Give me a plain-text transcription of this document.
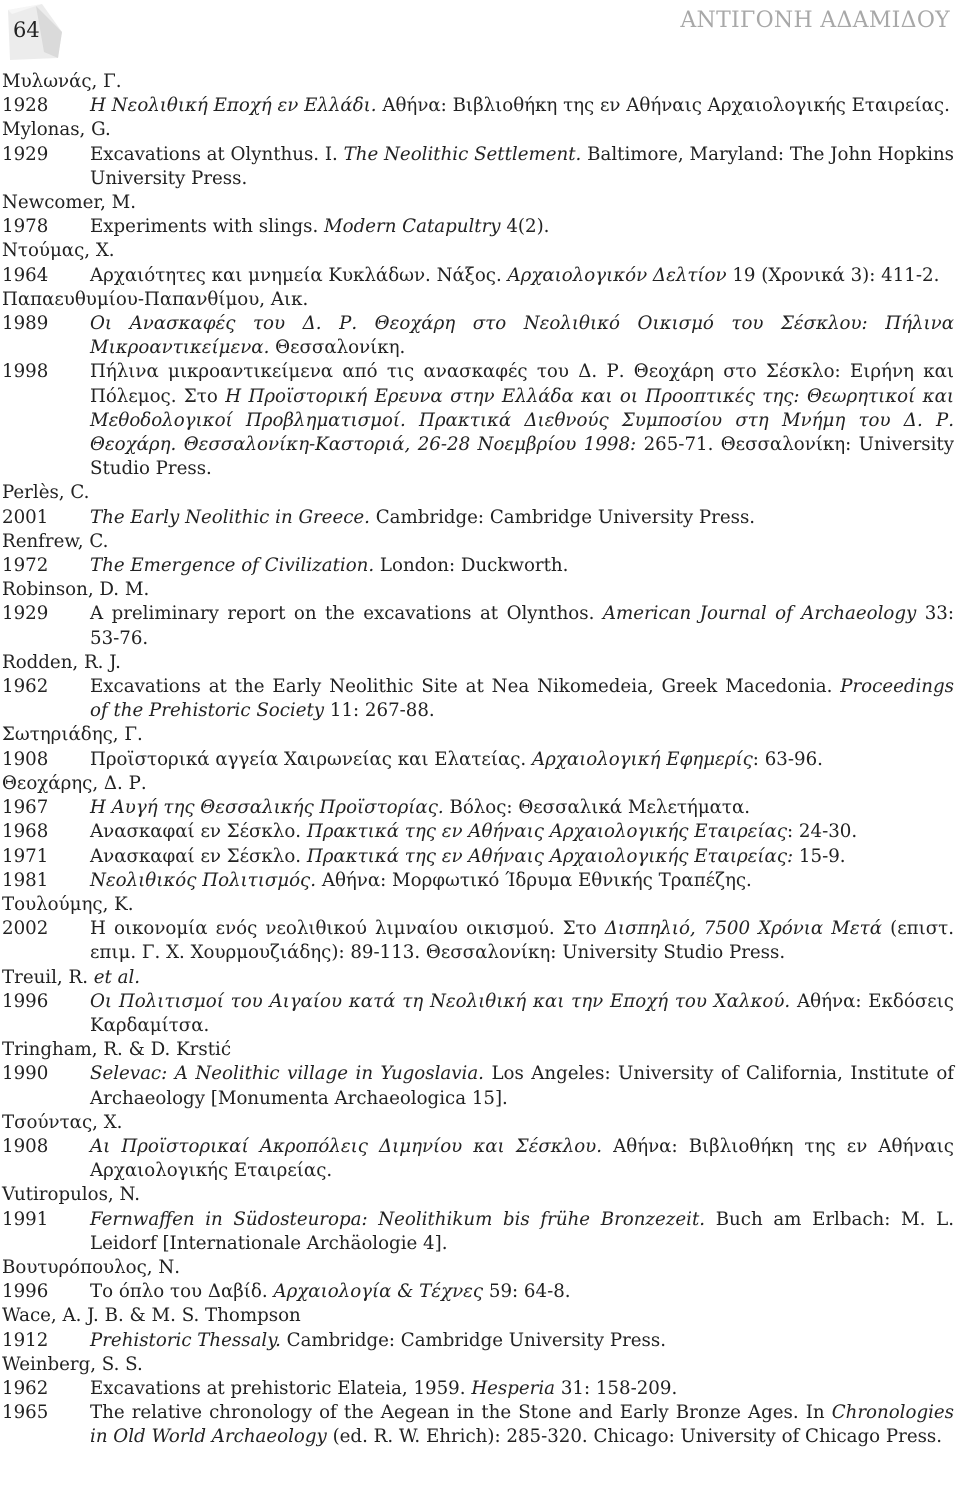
64	ΑΝΤΙΓΟΝΗ ΑΔΑΜΙΔΟΥ
Μυλωνάς, Γ.
1928 Η Νεολιθική Εποχή εν Ελλάδι. Αθήνα: Βιβλιοθήκη της εν Αθήναις Αρχαιολογικής Εταιρείας.
Mylonas, G.
1929 Excavations at Olynthus. I. The Neolithic Settlement. Baltimore, Maryland: The John Hopkins University Press.
Newcomer, M.
1978 Experiments with slings. Modern Catapultry 4(2).
Ντούμας, Χ.
1964 Αρχαιότητες και μνημεία Κυκλάδων. Νάξος. Αρχαιολογικόν Δελτίον 19 (Χρονικά 3): 411-2.
Παπαευθυμίου-Παπανθίμου, Αικ.
1989 Οι Ανασκαφές του Δ. Ρ. Θεοχάρη στο Νεολιθικό Οικισμό του Σέσκλου: Πήλινα Μικροαντικείμενα. Θεσσαλονίκη.
1998 Πήλινα μικροαντικείμενα από τις ανασκαφές του Δ. Ρ. Θεοχάρη στο Σέσκλο: Ειρήνη και Πόλεμος. Στο Η Προϊστορική Ερευνα στην Ελλάδα και οι Προοπτικές της: Θεωρητικοί και Μεθοδολογικοί Προβληματισμοί. Πρακτικά Διεθνούς Συμποσίου στη Μνήμη του Δ. Ρ. Θεοχάρη. Θεσσαλονίκη-Καστοριά, 26-28 Νοεμβρίου 1998: 265-71. Θεσσαλονίκη: University Studio Press.
Perlès, C.
2001 The Early Neolithic in Greece. Cambridge: Cambridge University Press.
Renfrew, C.
1972 The Emergence of Civilization. London: Duckworth.
Robinson, D. M.
1929 A preliminary report on the excavations at Olynthos. American Journal of Archaeology 33: 53-76.
Rodden, R. J.
1962 Excavations at the Early Neolithic Site at Nea Nikomedeia, Greek Macedonia. Proceedings of the Prehistoric Society 11: 267-88.
Σωτηριάδης, Γ.
1908 Προϊστορικά αγγεία Χαιρωνείας και Ελατείας. Αρχαιολογική Εφημερίς: 63-96.
Θεοχάρης, Δ. Ρ.
1967 Η Αυγή της Θεσσαλικής Προϊστορίας. Βόλος: Θεσσαλικά Μελετήματα.
1968 Ανασκαφαί εν Σέσκλο. Πρακτικά της εν Αθήναις Αρχαιολογικής Εταιρείας: 24-30.
1971 Ανασκαφαί εν Σέσκλο. Πρακτικά της εν Αθήναις Αρχαιολογικής Εταιρείας: 15-9.
1981 Νεολιθικός Πολιτισμός. Αθήνα: Μορφωτικό Ίδρυμα Εθνικής Τραπέζης.
Τουλούμης, Κ.
2002 Η οικονομία ενός νεολιθικού λιμναίου οικισμού. Στο Δισπηλιό, 7500 Χρόνια Μετά (επιστ. επιμ. Γ. Χ. Χουρμουζιάδης): 89-113. Θεσσαλονίκη: University Studio Press.
Treuil, R. et al.
1996 Οι Πολιτισμοί του Αιγαίου κατά τη Νεολιθική και την Εποχή του Χαλκού. Αθήνα: Εκδόσεις Καρδαμίτσα.
Tringham, R. & D. Krstić
1990 Selevac: A Neolithic village in Yugoslavia. Los Angeles: University of California, Institute of Archaeology [Monumenta Archaeologica 15].
Τσούντας, Χ.
1908 Αι Προϊστορικαί Ακροπόλεις Διμηνίου και Σέσκλου. Αθήνα: Βιβλιοθήκη της εν Αθήναις Αρχαιολογικής Εταιρείας.
Vutiropulos, N.
1991 Fernwaffen in Südosteuropa: Neolithikum bis frühe Bronzezeit. Buch am Erlbach: M. L. Leidorf [Internationale Archäologie 4].
Βουτυρόπουλος, Ν.
1996 Το όπλο του Δαβίδ. Αρχαιολογία & Τέχνες 59: 64-8.
Wace, A. J. B. & M. S. Thompson
1912 Prehistoric Thessaly. Cambridge: Cambridge University Press.
Weinberg, S. S.
1962 Excavations at prehistoric Elateia, 1959. Hesperia 31: 158-209.
1965 The relative chronology of the Aegean in the Stone and Early Bronze Ages. In Chronologies in Old World Archaeology (ed. R. W. Ehrich): 285-320. Chicago: University of Chicago Press.
